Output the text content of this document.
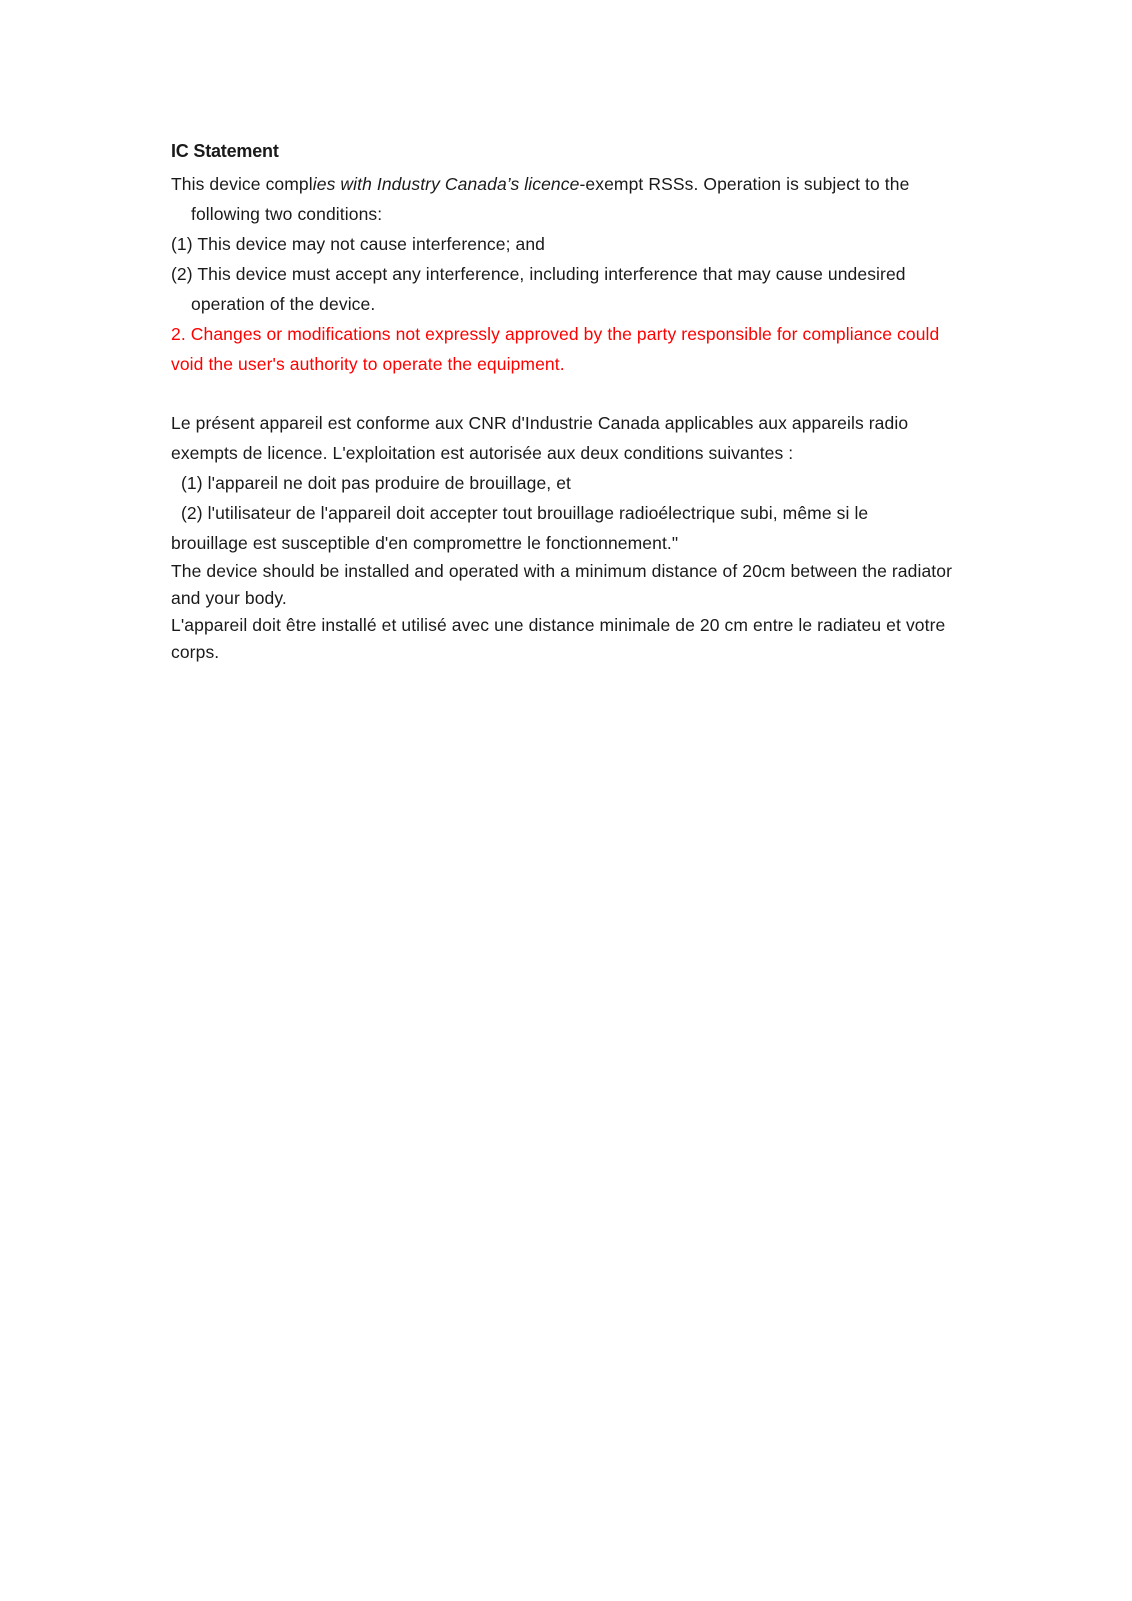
IC Statement

This device complies with Industry Canada’s licence-exempt RSSs. Operation is subject to the following two conditions:

(1) This device may not cause interference; and

(2) This device must accept any interference, including interference that may cause undesired operation of the device.

2. Changes or modifications not expressly approved by the party responsible for compliance could void the user's authority to operate the equipment.

Le présent appareil est conforme aux CNR d'Industrie Canada applicables aux appareils radio exempts de licence. L'exploitation est autorisée aux deux conditions suivantes :

(1) l'appareil ne doit pas produire de brouillage, et

(2) l'utilisateur de l'appareil doit accepter tout brouillage radioélectrique subi, même si le

brouillage est susceptible d'en compromettre le fonctionnement."

The device should be installed and operated with a minimum distance of 20cm between the radiator and your body.

L'appareil doit être installé et utilisé avec une distance minimale de 20 cm entre le radiateu et votre corps.
